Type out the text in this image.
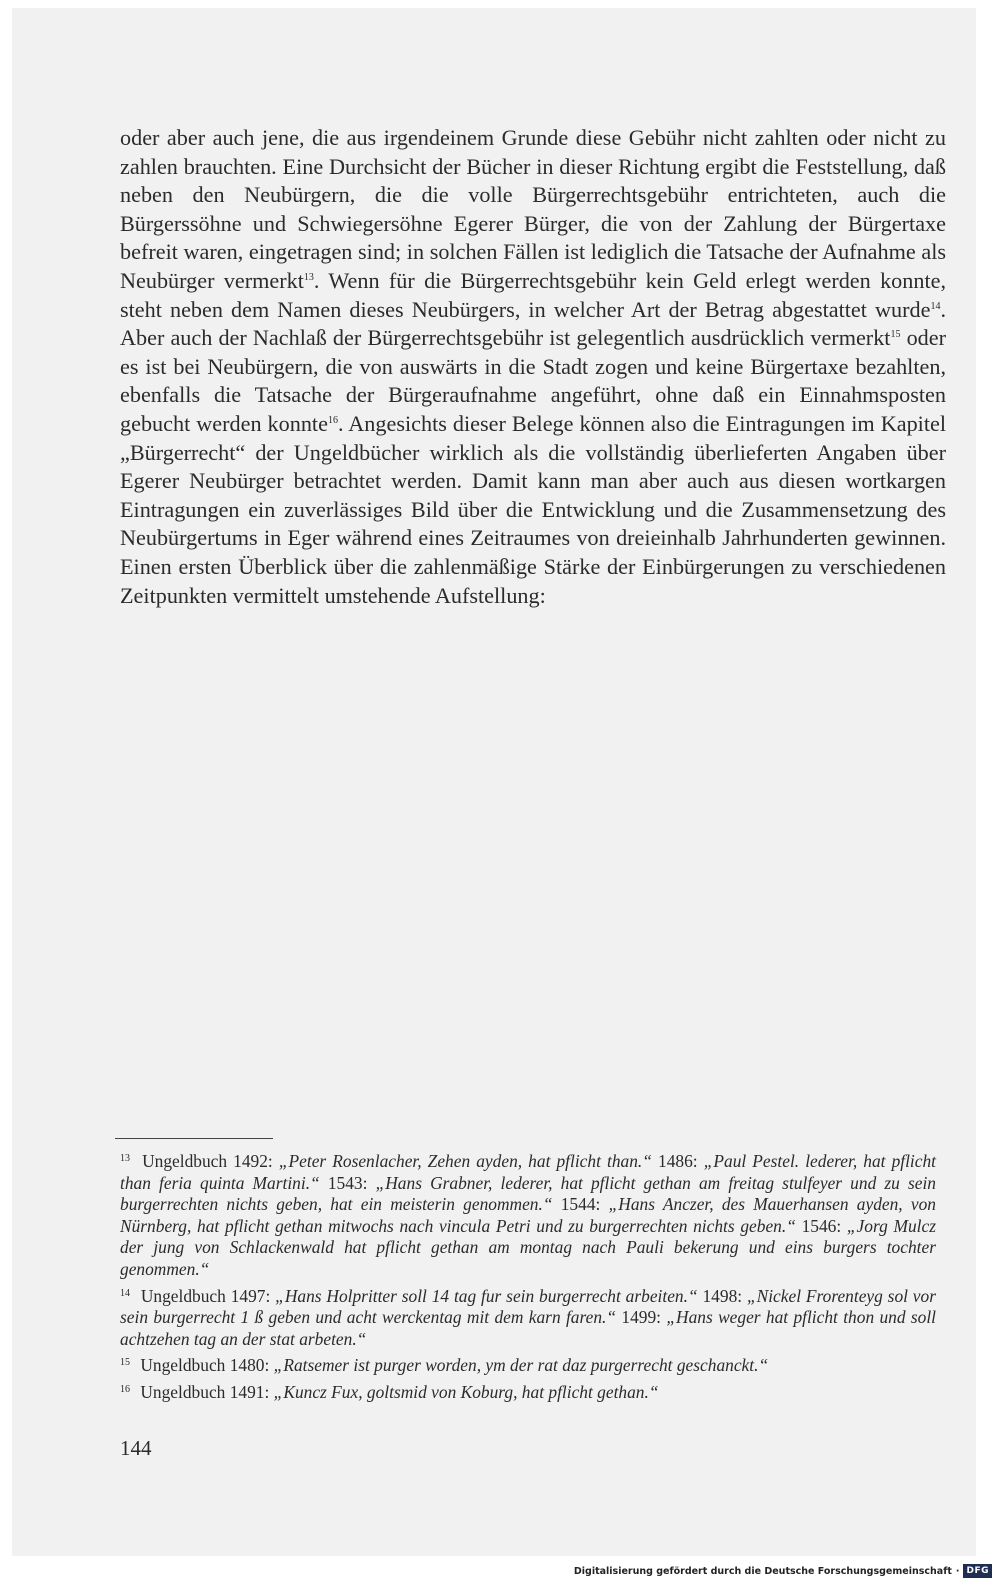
oder aber auch jene, die aus irgendeinem Grunde diese Gebühr nicht zahlten oder nicht zu zahlen brauchten. Eine Durchsicht der Bücher in dieser Richtung ergibt die Feststellung, daß neben den Neubürgern, die die volle Bürgerrechtsgebühr entrichteten, auch die Bürgerssöhne und Schwiegersöhne Egerer Bürger, die von der Zahlung der Bürgertaxe befreit waren, eingetragen sind; in solchen Fällen ist lediglich die Tatsache der Aufnahme als Neubürger vermerkt$^{13}$. Wenn für die Bürgerrechtsgebühr kein Geld erlegt werden konnte, steht neben dem Namen dieses Neubürgers, in welcher Art der Betrag abgestattet wurde$^{14}$. Aber auch der Nachlaß der Bürgerrechtsgebühr ist gelegentlich ausdrücklich vermerkt$^{15}$ oder es ist bei Neubürgern, die von auswärts in die Stadt zogen und keine Bürgertaxe bezahlten, ebenfalls die Tatsache der Bürgeraufnahme angeführt, ohne daß ein Einnahmsposten gebucht werden konnte$^{16}$. Angesichts dieser Belege können also die Eintragungen im Kapitel „Bürgerrecht“ der Ungeldbücher wirklich als die vollständig überlieferten Angaben über Egerer Neubürger betrachtet werden. Damit kann man aber auch aus diesen wortkargen Eintragungen ein zuverlässiges Bild über die Entwicklung und die Zusammensetzung des Neubürgertums in Eger während eines Zeitraumes von dreieinhalb Jahrhunderten gewinnen. Einen ersten Überblick über die zahlenmäßige Stärke der Einbürgerungen zu verschiedenen Zeitpunkten vermittelt umstehende Aufstellung:

$^{13}$ Ungeldbuch 1492: „Peter Rosenlacher, Zehen ayden, hat pflicht than.“ 1486: „Paul Pestel. lederer, hat pflicht than feria quinta Martini.“ 1543: „Hans Grabner, lederer, hat pflicht gethan am freitag stulfeyer und zu sein burgerrechten nichts geben, hat ein meisterin genommen.“ 1544: „Hans Anczer, des Mauerhansen ayden, von Nürnberg, hat pflicht gethan mitwochs nach vincula Petri und zu burgerrechten nichts geben.“ 1546: „Jorg Mulcz der jung von Schlackenwald hat pflicht gethan am montag nach Pauli bekerung und eins burgers tochter genommen.“

$^{14}$ Ungeldbuch 1497: „Hans Holpritter soll 14 tag fur sein burgerrecht arbeiten.“ 1498: „Nickel Frorenteyg sol vor sein burgerrecht 1 ß geben und acht werckentag mit dem karn faren.“ 1499: „Hans weger hat pflicht thon und soll achtzehen tag an der stat arbeten.“

$^{15}$ Ungeldbuch 1480: „Ratsemer ist purger worden, ym der rat daz purgerrecht geschanckt.“

$^{16}$ Ungeldbuch 1491: „Kuncz Fux, goltsmid von Koburg, hat pflicht gethan.“

144
Digitalisierung gefördert durch die Deutsche Forschungsgemeinschaft · DFG
